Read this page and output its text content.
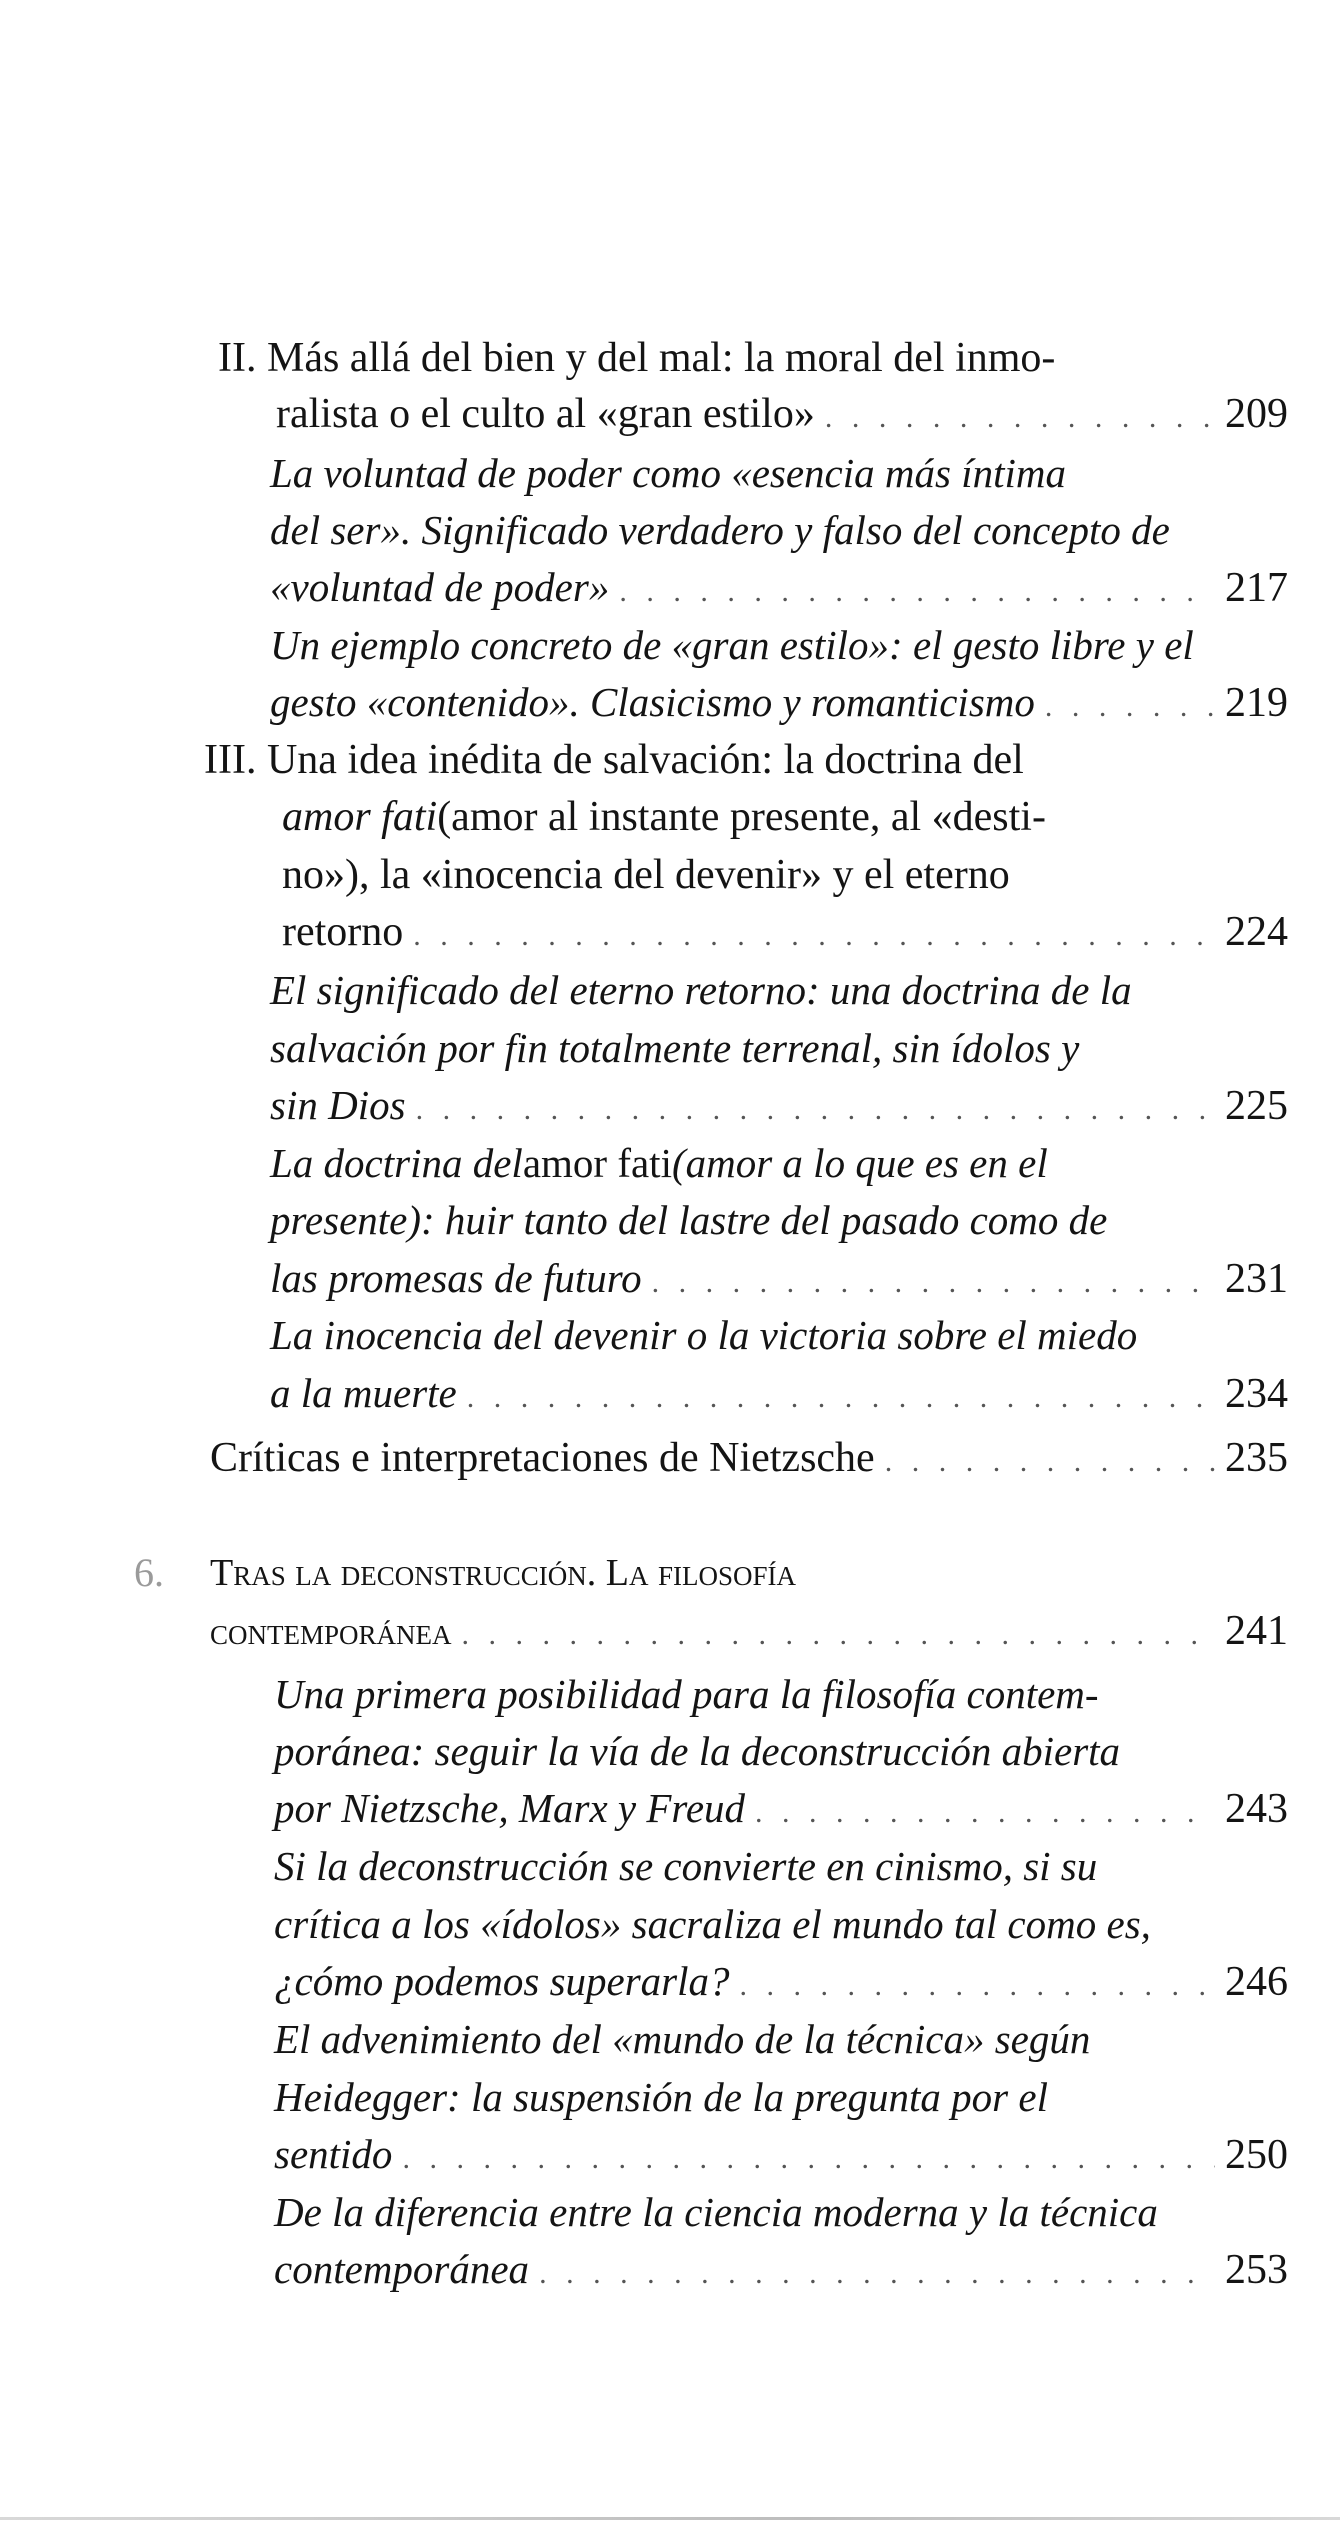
II. Más allá del bien y del mal: la moral del inmo-
ralista o el culto al «gran estilo» . . .	209
La voluntad de poder como «esencia más íntima
del ser». Significado verdadero y falso del concepto de
«voluntad de poder» . . .	217
Un ejemplo concreto de «gran estilo»: el gesto libre y el
gesto «contenido». Clasicismo y romanticismo . . .	219
III. Una idea inédita de salvación: la doctrina del
amor fati (amor al instante presente, al «desti-
no»), la «inocencia del devenir» y el eterno
retorno . . .	224
El significado del eterno retorno: una doctrina de la
salvación por fin totalmente terrenal, sin ídolos y
sin Dios . . .	225
La doctrina del amor fati (amor a lo que es en el
presente): huir tanto del lastre del pasado como de
las promesas de futuro . . .	231
La inocencia del devenir o la victoria sobre el miedo
a la muerte . . .	234
Críticas e interpretaciones de Nietzsche . . .	235
6. Tras la deconstrucción. La filosofía
contemporánea . . .	241
Una primera posibilidad para la filosofía contem-
poránea: seguir la vía de la deconstrucción abierta
por Nietzsche, Marx y Freud . . .	243
Si la deconstrucción se convierte en cinismo, si su
crítica a los «ídolos» sacraliza el mundo tal como es,
¿cómo podemos superarla? . . .	246
El advenimiento del «mundo de la técnica» según
Heidegger: la suspensión de la pregunta por el
sentido . . .	250
De la diferencia entre la ciencia moderna y la técnica
contemporánea . . .	253
